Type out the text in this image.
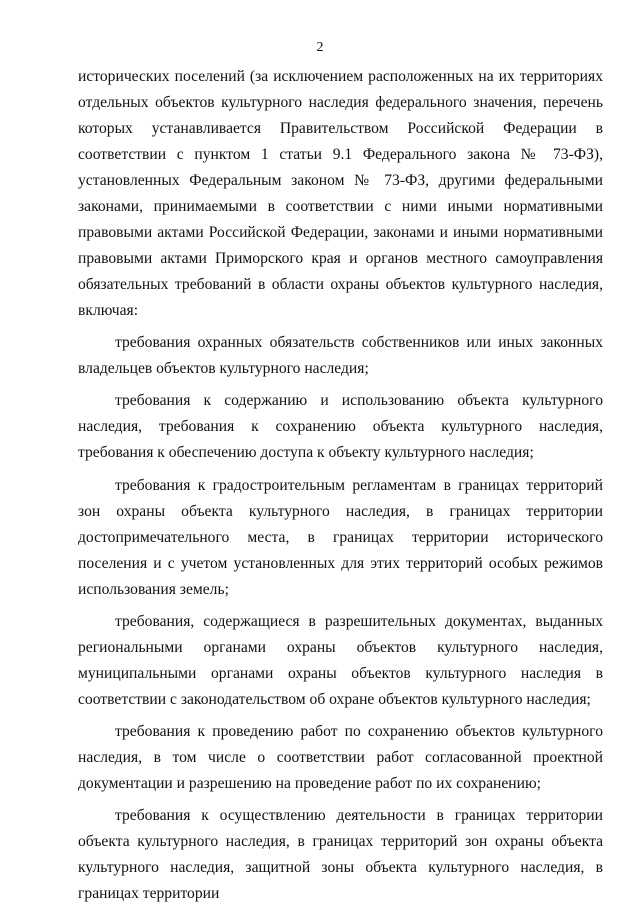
2

исторических поселений (за исключением расположенных на их территориях отдельных объектов культурного наследия федерального значения, перечень которых устанавливается Правительством Российской Федерации в соответствии с пунктом 1 статьи 9.1 Федерального закона № 73-ФЗ), установленных Федеральным законом № 73-ФЗ, другими федеральными законами, принимаемыми в соответствии с ними иными нормативными правовыми актами Российской Федерации, законами и иными нормативными правовыми актами Приморского края и органов местного самоуправления обязательных требований в области охраны объектов культурного наследия, включая:

требования охранных обязательств собственников или иных законных владельцев объектов культурного наследия;

требования к содержанию и использованию объекта культурного наследия, требования к сохранению объекта культурного наследия, требования к обеспечению доступа к объекту культурного наследия;

требования к градостроительным регламентам в границах территорий зон охраны объекта культурного наследия, в границах территории достопримечательного места, в границах территории исторического поселения и с учетом установленных для этих территорий особых режимов использования земель;

требования, содержащиеся в разрешительных документах, выданных региональными органами охраны объектов культурного наследия, муниципальными органами охраны объектов культурного наследия в соответствии с законодательством об охране объектов культурного наследия;

требования к проведению работ по сохранению объектов культурного наследия, в том числе о соответствии работ согласованной проектной документации и разрешению на проведение работ по их сохранению;

требования к осуществлению деятельности в границах территории объекта культурного наследия, в границах территорий зон охраны объекта культурного наследия, защитной зоны объекта культурного наследия, в границах территории
